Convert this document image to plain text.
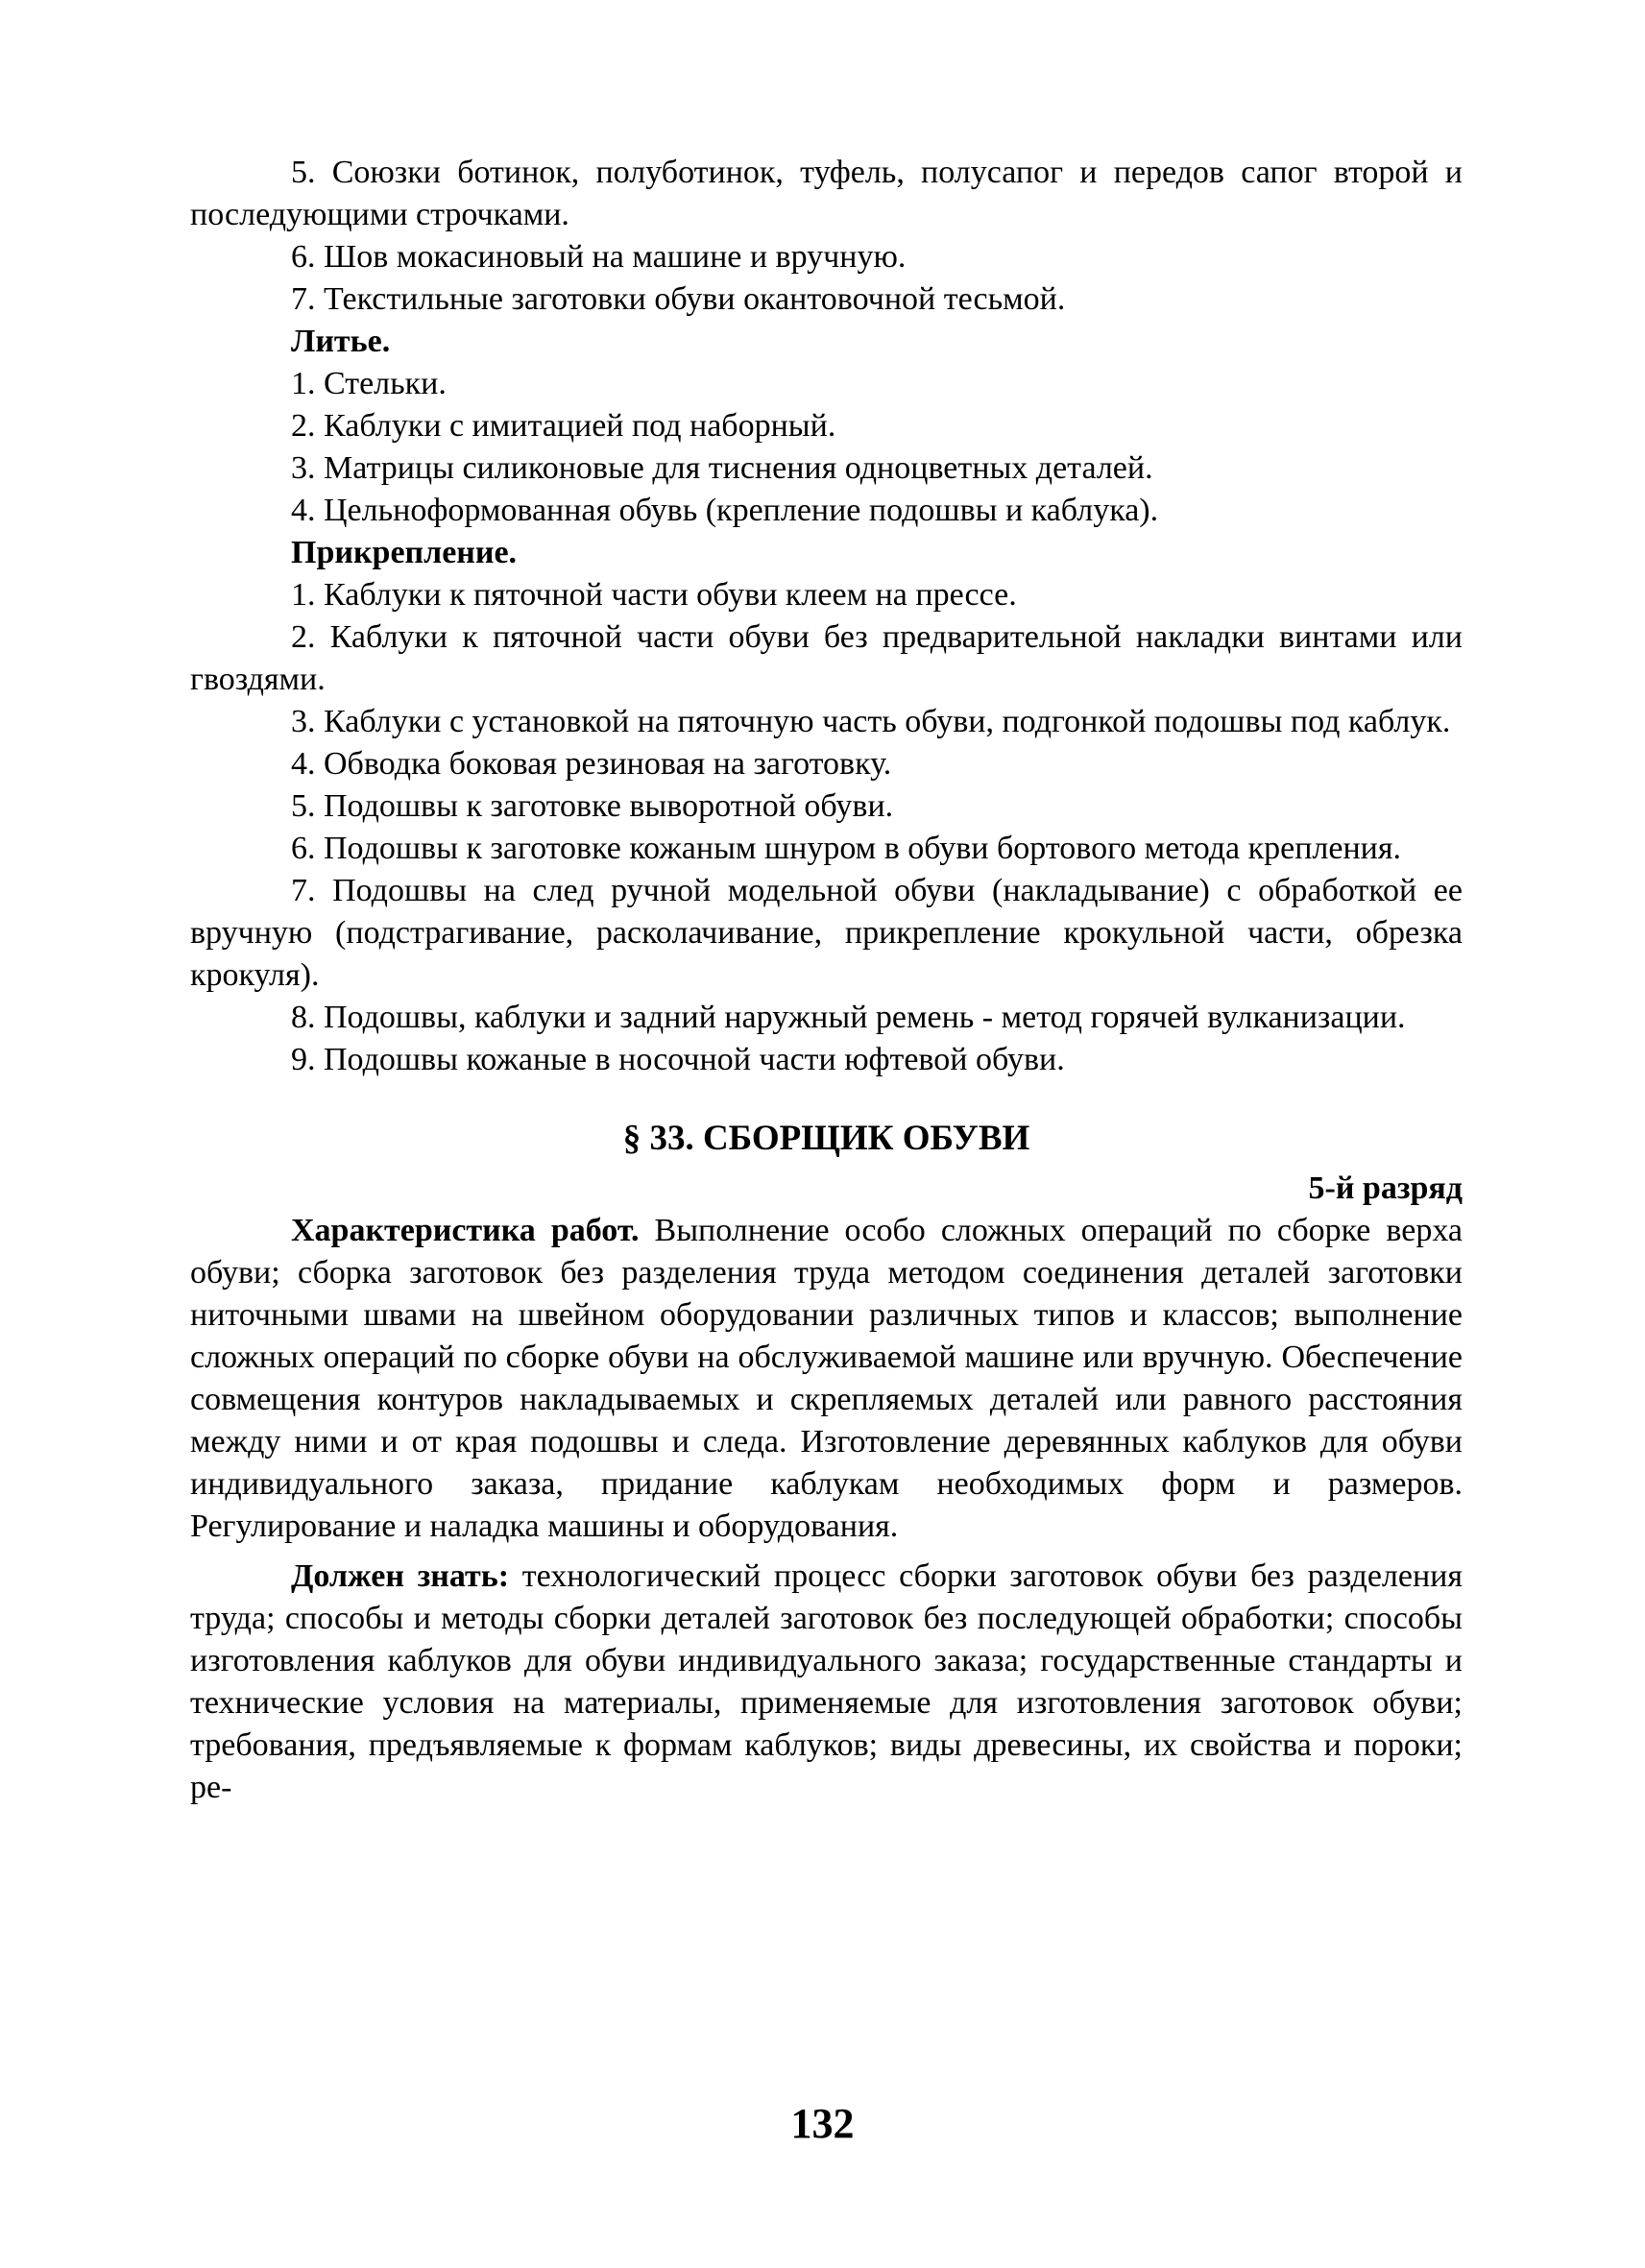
5. Союзки ботинок, полуботинок, туфель, полусапог и передов сапог второй и последующими строчками.

6. Шов мокасиновый на машине и вручную.

7. Текстильные заготовки обуви окантовочной тесьмой.

Литье.

1. Стельки.

2. Каблуки с имитацией под наборный.

3. Матрицы силиконовые для тиснения одноцветных деталей.

4. Цельноформованная обувь (крепление подошвы и каблука).

Прикрепление.

1. Каблуки к пяточной части обуви клеем на прессе.

2. Каблуки к пяточной части обуви без предварительной накладки винтами или гвоздями.

3. Каблуки с установкой на пяточную часть обуви, подгонкой подошвы под каблук.

4. Обводка боковая резиновая на заготовку.

5. Подошвы к заготовке выворотной обуви.

6. Подошвы к заготовке кожаным шнуром в обуви бортового метода крепления.

7. Подошвы на след ручной модельной обуви (накладывание) с обработкой ее вручную (подстрагивание, расколачивание, прикрепление крокульной части, обрезка крокуля).

8. Подошвы, каблуки и задний наружный ремень - метод горячей вулканизации.

9. Подошвы кожаные в носочной части юфтевой обуви.

§ 33. СБОРЩИК ОБУВИ

5-й разряд

Характеристика работ. Выполнение особо сложных операций по сборке верха обуви; сборка заготовок без разделения труда методом соединения деталей заготовки ниточными швами на швейном оборудовании различных типов и классов; выполнение сложных операций по сборке обуви на обслуживаемой машине или вручную. Обеспечение совмещения контуров накладываемых и скрепляемых деталей или равного расстояния между ними и от края подошвы и следа. Изготовление деревянных каблуков для обуви индивидуального заказа, придание каблукам необходимых форм и размеров. Регулирование и наладка машины и оборудования.

Должен знать: технологический процесс сборки заготовок обуви без разделения труда; способы и методы сборки деталей заготовок без последующей обработки; способы изготовления каблуков для обуви индивидуального заказа; государственные стандарты и технические условия на материалы, применяемые для изготовления заготовок обуви; требования, предъявляемые к формам каблуков; виды древесины, их свойства и пороки; ре-

132
